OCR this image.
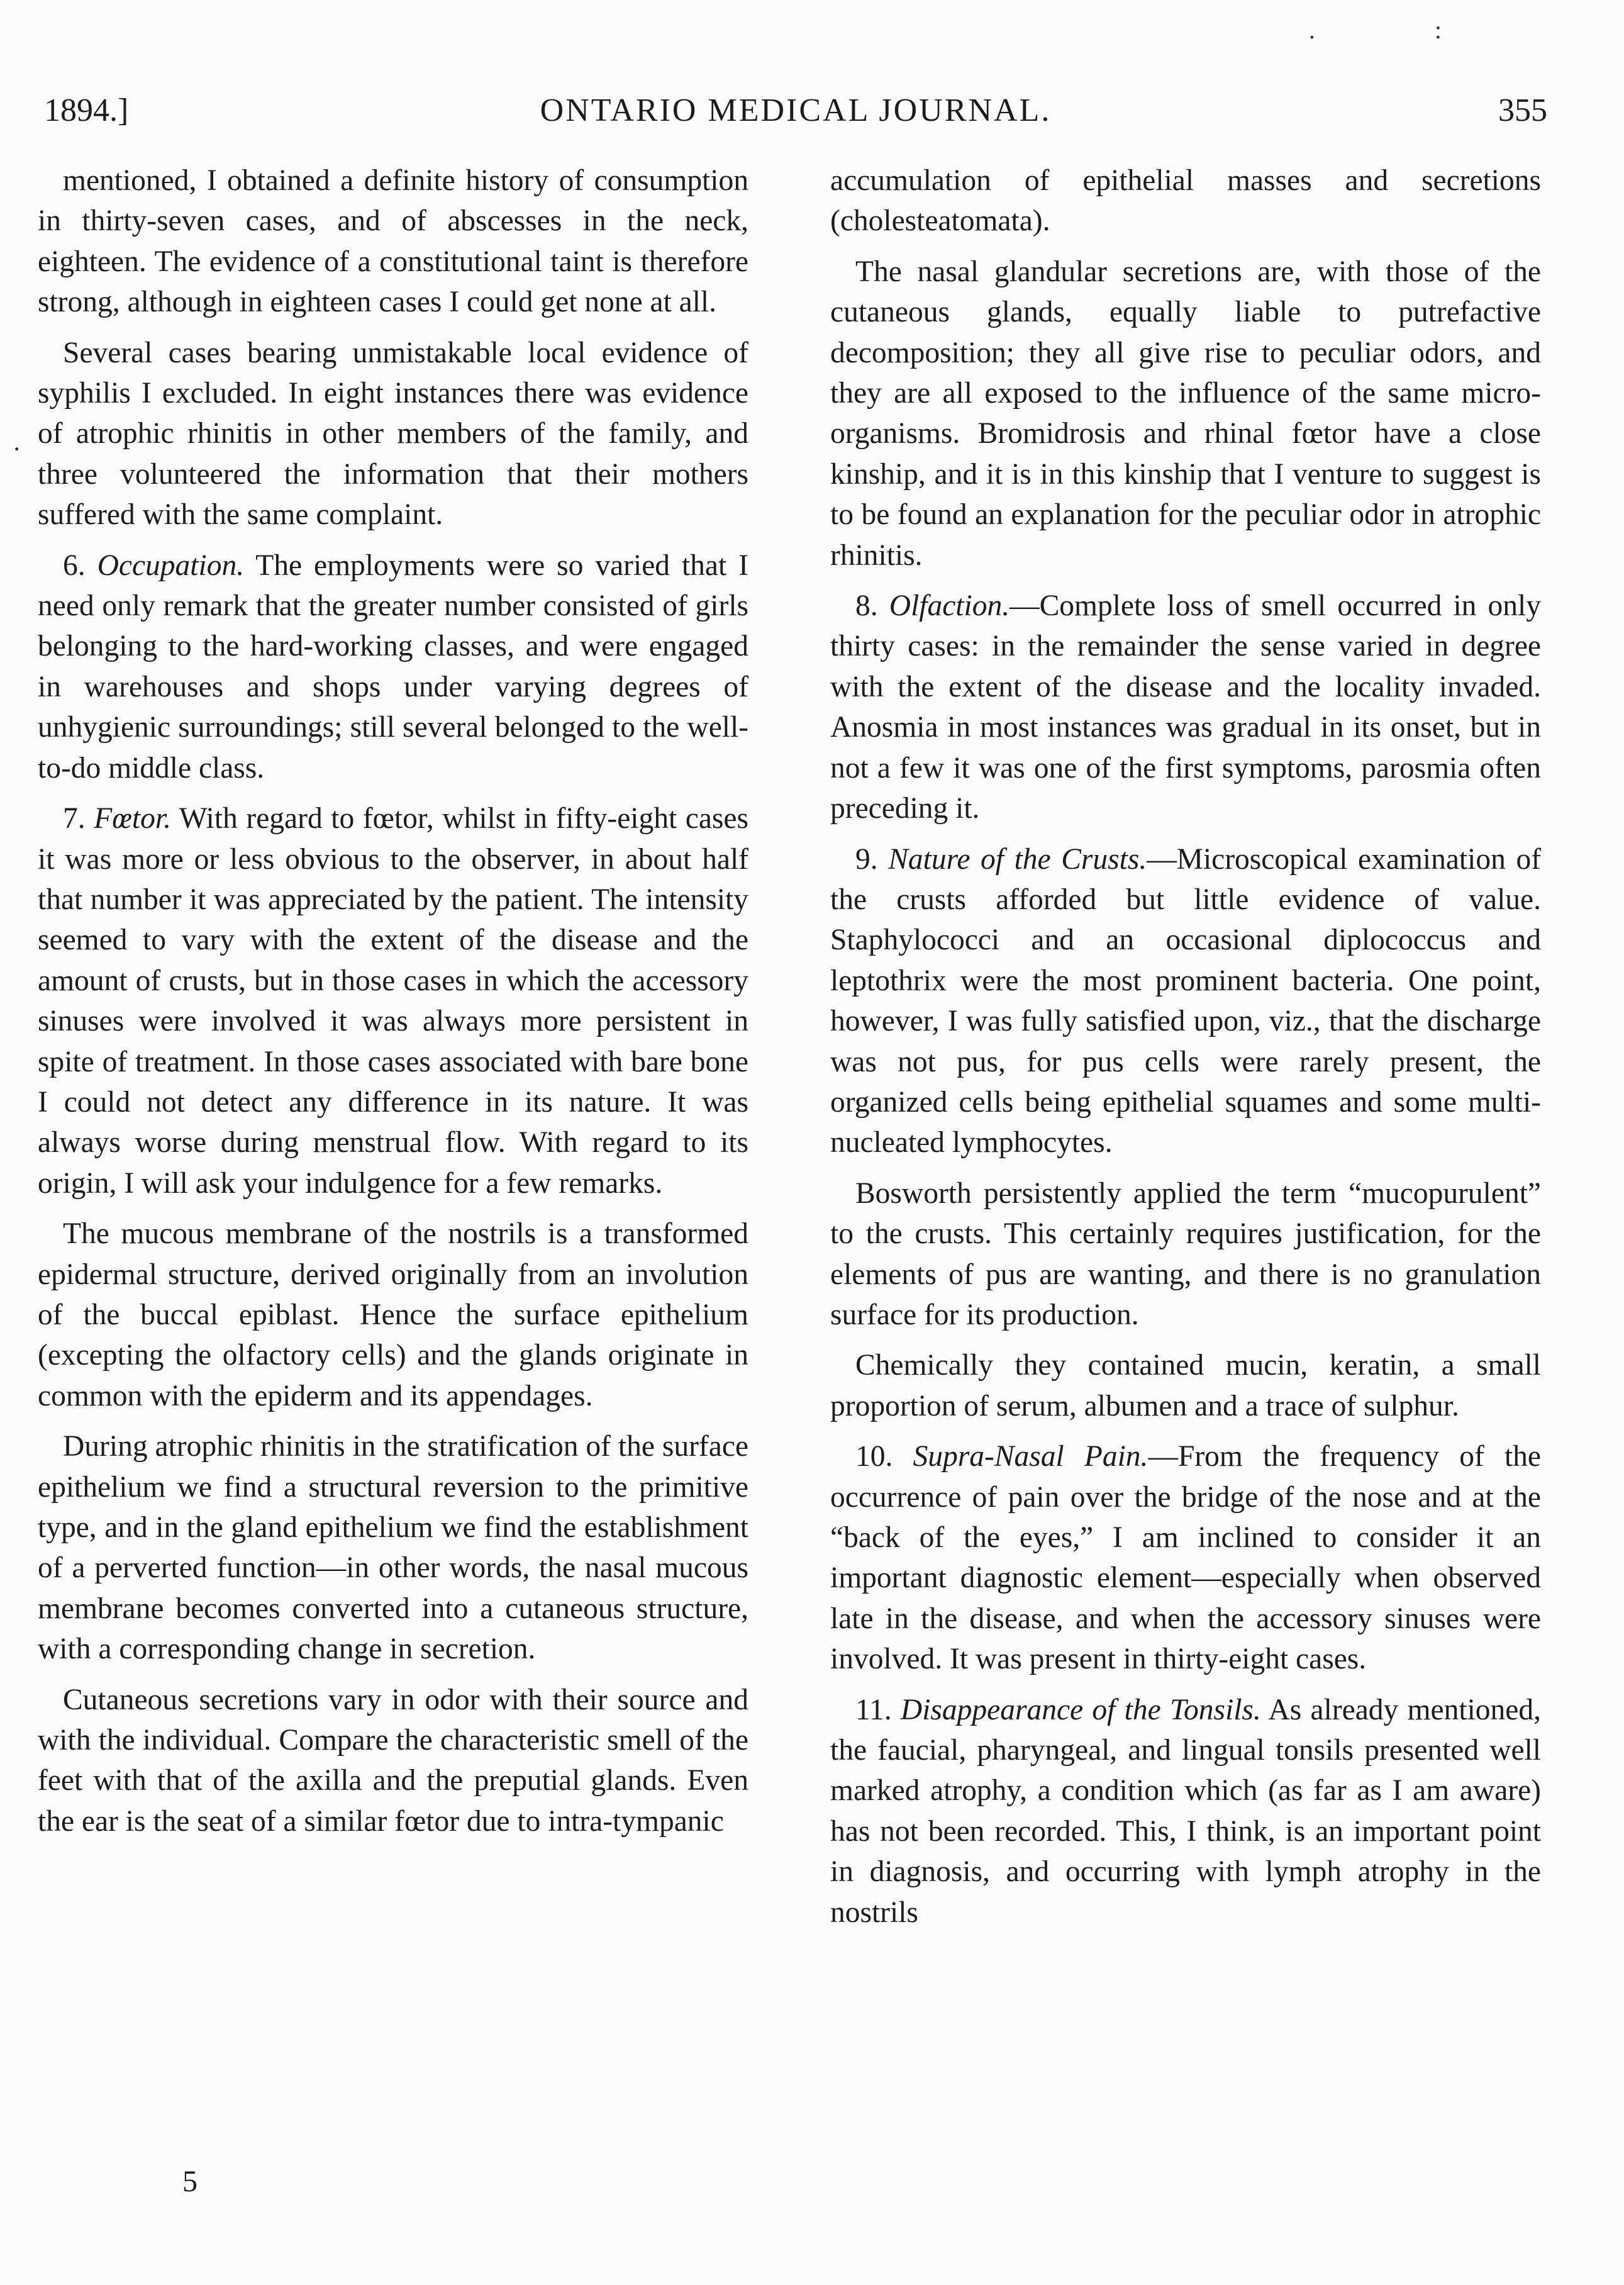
1894.]	ONTARIO MEDICAL JOURNAL.	355
. :
·

mentioned, I obtained a definite history of consumption in thirty-seven cases, and of abscesses in the neck, eighteen. The evidence of a constitutional taint is therefore strong, although in eighteen cases I could get none at all.

Several cases bearing unmistakable local evidence of syphilis I excluded. In eight instances there was evidence of atrophic rhinitis in other members of the family, and three volunteered the information that their mothers suffered with the same complaint.

6. Occupation. The employments were so varied that I need only remark that the greater number consisted of girls belonging to the hard-working classes, and were engaged in warehouses and shops under varying degrees of unhygienic surroundings; still several belonged to the well-to-do middle class.

7. Fœtor. With regard to fœtor, whilst in fifty-eight cases it was more or less obvious to the observer, in about half that number it was appreciated by the patient. The intensity seemed to vary with the extent of the disease and the amount of crusts, but in those cases in which the accessory sinuses were involved it was always more persistent in spite of treatment. In those cases associated with bare bone I could not detect any difference in its nature. It was always worse during menstrual flow. With regard to its origin, I will ask your indulgence for a few remarks.

The mucous membrane of the nostrils is a transformed epidermal structure, derived originally from an involution of the buccal epiblast. Hence the surface epithelium (excepting the olfactory cells) and the glands originate in common with the epiderm and its appendages.

During atrophic rhinitis in the stratification of the surface epithelium we find a structural reversion to the primitive type, and in the gland epithelium we find the establishment of a perverted function—in other words, the nasal mucous membrane becomes converted into a cutaneous structure, with a corresponding change in secretion.

Cutaneous secretions vary in odor with their source and with the individual. Compare the characteristic smell of the feet with that of the axilla and the preputial glands. Even the ear is the seat of a similar fœtor due to intra-tympanic

accumulation of epithelial masses and secretions (cholesteatomata).

The nasal glandular secretions are, with those of the cutaneous glands, equally liable to putrefactive decomposition; they all give rise to peculiar odors, and they are all exposed to the influence of the same micro-organisms. Bromidrosis and rhinal fœtor have a close kinship, and it is in this kinship that I venture to suggest is to be found an explanation for the peculiar odor in atrophic rhinitis.

8. Olfaction.—Complete loss of smell occurred in only thirty cases: in the remainder the sense varied in degree with the extent of the disease and the locality invaded. Anosmia in most instances was gradual in its onset, but in not a few it was one of the first symptoms, parosmia often preceding it.

9. Nature of the Crusts.—Microscopical examination of the crusts afforded but little evidence of value. Staphylococci and an occasional diplococcus and leptothrix were the most prominent bacteria. One point, however, I was fully satisfied upon, viz., that the discharge was not pus, for pus cells were rarely present, the organized cells being epithelial squames and some multi-nucleated lymphocytes.

Bosworth persistently applied the term “mucopurulent” to the crusts. This certainly requires justification, for the elements of pus are wanting, and there is no granulation surface for its production.

Chemically they contained mucin, keratin, a small proportion of serum, albumen and a trace of sulphur.

10. Supra-Nasal Pain.—From the frequency of the occurrence of pain over the bridge of the nose and at the “back of the eyes,” I am inclined to consider it an important diagnostic element—especially when observed late in the disease, and when the accessory sinuses were involved. It was present in thirty-eight cases.

11. Disappearance of the Tonsils. As already mentioned, the faucial, pharyngeal, and lingual tonsils presented well marked atrophy, a condition which (as far as I am aware) has not been recorded. This, I think, is an important point in diagnosis, and occurring with lymph atrophy in the nostrils

5
